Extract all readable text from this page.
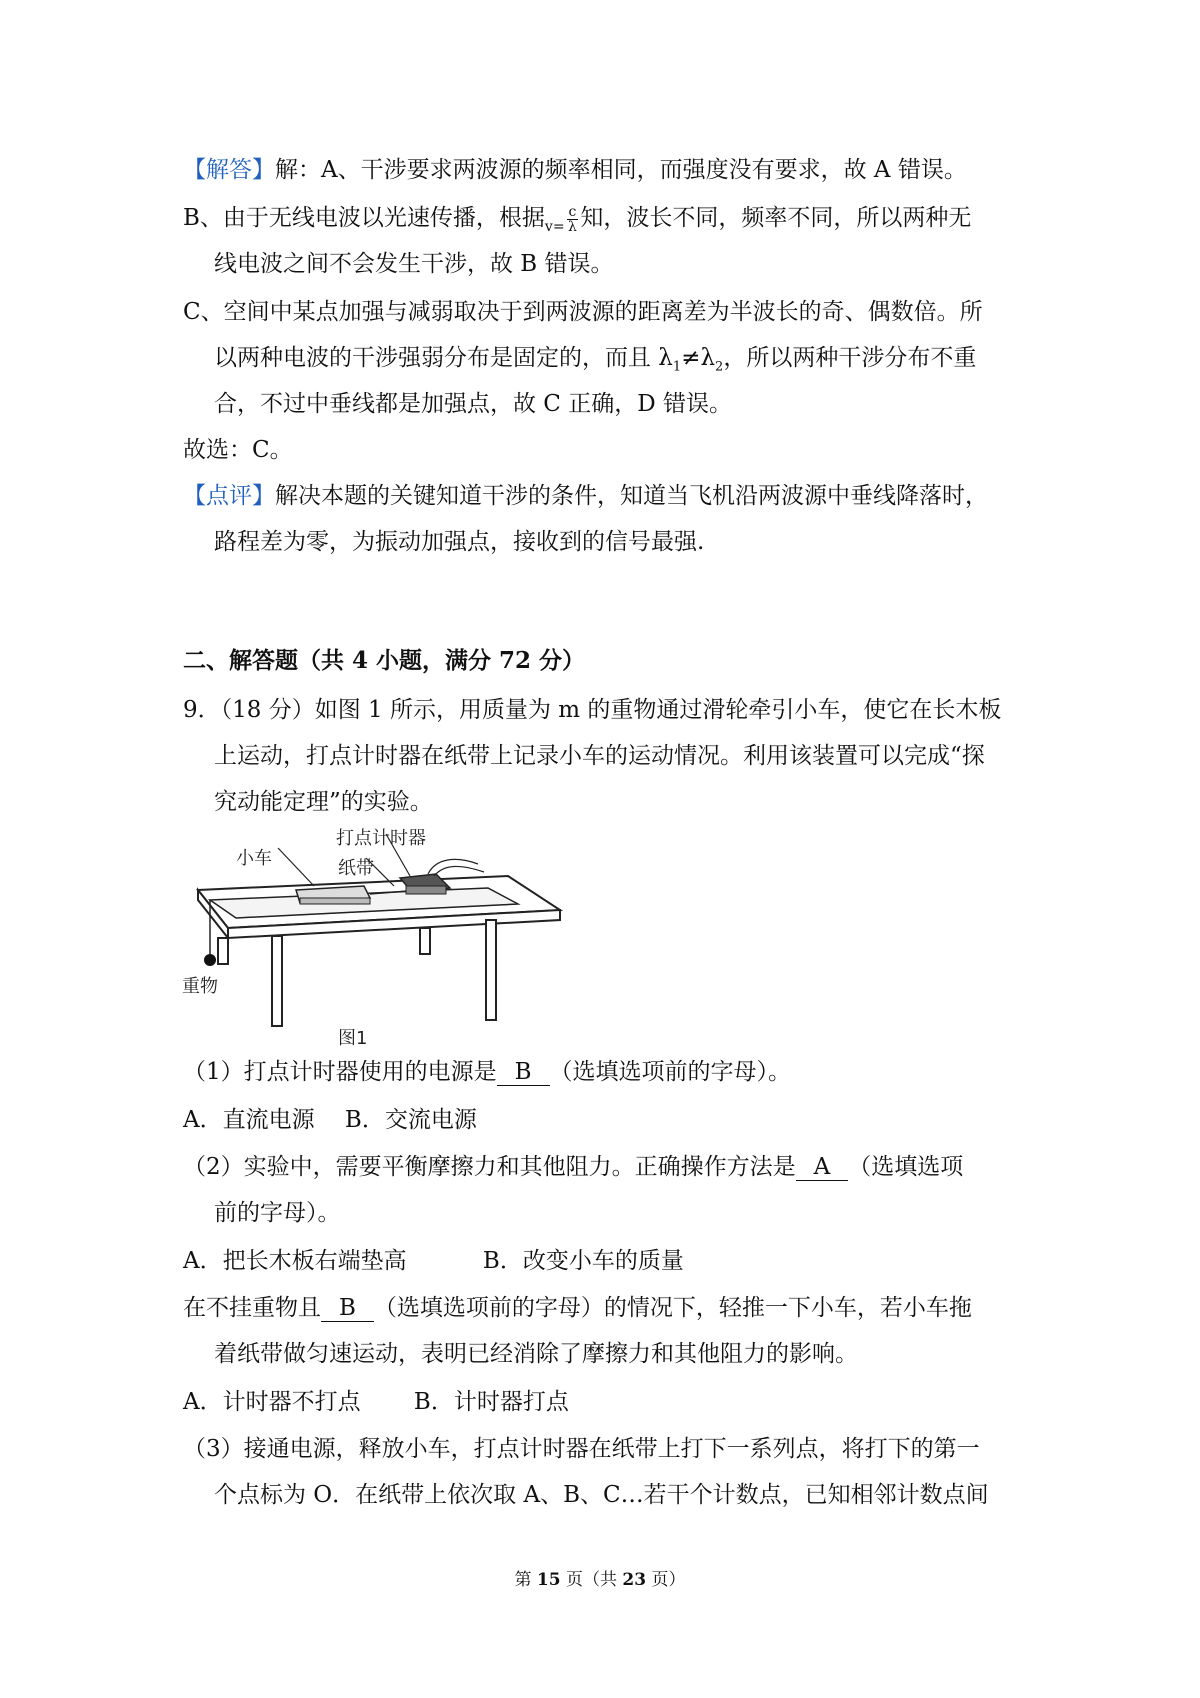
【解答】解：A、干涉要求两波源的频率相同，而强度没有要求，故 A 错误。
B、由于无线电波以光速传播，根据$_{v=} \frac{c}{\lambda}$ 知，波长不同，频率不同，所以两种无
线电波之间不会发生干涉，故 B 错误。
C、空间中某点加强与减弱取决于到两波源的距离差为半波长的奇、偶数倍。所
以两种电波的干涉强弱分布是固定的，而且 $\lambda_1\ne\lambda_2$，所以两种干涉分布不重
合，不过中垂线都是加强点，故 C 正确，D 错误。
故选：C。
【点评】解决本题的关键知道干涉的条件，知道当飞机沿两波源中垂线降落时，
路程差为零，为振动加强点，接收到的信号最强.
二、解答题（共 4 小题，满分 72 分）
9．（18 分）如图 1 所示，用质量为 m 的重物通过滑轮牵引小车，使它在长木板
上运动，打点计时器在纸带上记录小车的运动情况。利用该装置可以完成“探
究动能定理”的实验。
打点计时器
小车	纸带
重物
图1
（1）打点计时器使用的电源是 B （选填选项前的字母）。
A．直流电源　 B．交流电源
（2）实验中，需要平衡摩擦力和其他阻力。正确操作方法是 A （选填选项
前的字母）。
A．把长木板右端垫高　　　 B．改变小车的质量
在不挂重物且 B （选填选项前的字母）的情况下，轻推一下小车，若小车拖
着纸带做匀速运动，表明已经消除了摩擦力和其他阻力的影响。
A．计时器不打点　　 B．计时器打点
（3）接通电源，释放小车，打点计时器在纸带上打下一系列点，将打下的第一
个点标为 O．在纸带上依次取 A、B、C…若干个计数点，已知相邻计数点间
第 15 页（共 23 页）
